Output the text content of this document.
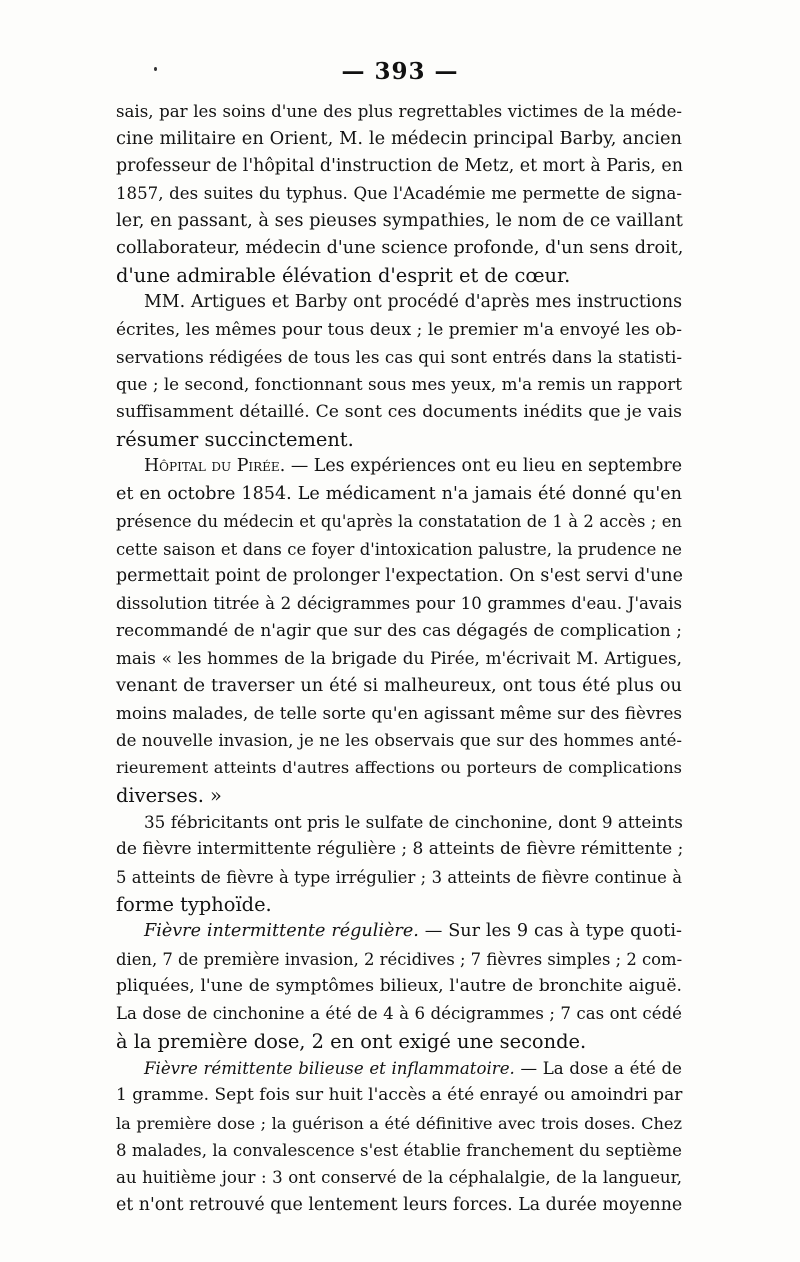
— 393 —
sais, par les soins d'une des plus regrettables victimes de la méde-
cine militaire en Orient, M. le médecin principal Barby, ancien
professeur de l'hôpital d'instruction de Metz, et mort à Paris, en
1857, des suites du typhus. Que l'Académie me permette de signa-
ler, en passant, à ses pieuses sympathies, le nom de ce vaillant
collaborateur, médecin d'une science profonde, d'un sens droit,
d'une admirable élévation d'esprit et de cœur.
MM. Artigues et Barby ont procédé d'après mes instructions
écrites, les mêmes pour tous deux ; le premier m'a envoyé les ob-
servations rédigées de tous les cas qui sont entrés dans la statisti-
que ; le second, fonctionnant sous mes yeux, m'a remis un rapport
suffisamment détaillé. Ce sont ces documents inédits que je vais
résumer succinctement.
Hôpital du Pirée. — Les expériences ont eu lieu en septembre
et en octobre 1854. Le médicament n'a jamais été donné qu'en
présence du médecin et qu'après la constatation de 1 à 2 accès ; en
cette saison et dans ce foyer d'intoxication palustre, la prudence ne
permettait point de prolonger l'expectation. On s'est servi d'une
dissolution titrée à 2 décigrammes pour 10 grammes d'eau. J'avais
recommandé de n'agir que sur des cas dégagés de complication ;
mais « les hommes de la brigade du Pirée, m'écrivait M. Artigues,
venant de traverser un été si malheureux, ont tous été plus ou
moins malades, de telle sorte qu'en agissant même sur des fièvres
de nouvelle invasion, je ne les observais que sur des hommes anté-
rieurement atteints d'autres affections ou porteurs de complications
diverses. »
35 fébricitants ont pris le sulfate de cinchonine, dont 9 atteints
de fièvre intermittente régulière ; 8 atteints de fièvre rémittente ;
5 atteints de fièvre à type irrégulier ; 3 atteints de fièvre continue à
forme typhoïde.
Fièvre intermittente régulière. — Sur les 9 cas à type quoti-
dien, 7 de première invasion, 2 récidives ; 7 fièvres simples ; 2 com-
pliquées, l'une de symptômes bilieux, l'autre de bronchite aiguë.
La dose de cinchonine a été de 4 à 6 décigrammes ; 7 cas ont cédé
à la première dose, 2 en ont exigé une seconde.
Fièvre rémittente bilieuse et inflammatoire. — La dose a été de
1 gramme. Sept fois sur huit l'accès a été enrayé ou amoindri par
la première dose ; la guérison a été définitive avec trois doses. Chez
8 malades, la convalescence s'est établie franchement du septième
au huitième jour : 3 ont conservé de la céphalalgie, de la langueur,
et n'ont retrouvé que lentement leurs forces. La durée moyenne
